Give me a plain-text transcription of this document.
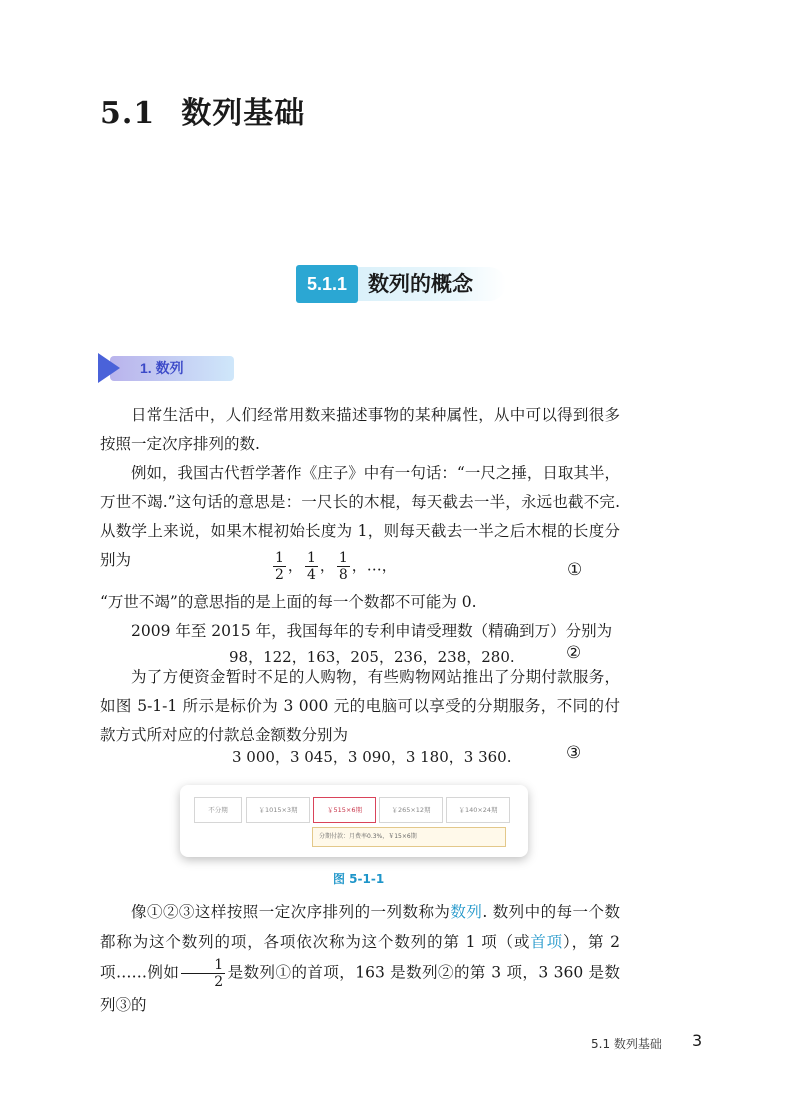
5.1 数列基础
5.1.1 数列的概念
1. 数列
日常生活中，人们经常用数来描述事物的某种属性，从中可以得到很多按照一定次序排列的数.
例如，我国古代哲学著作《庄子》中有一句话：“一尺之捶，日取其半，万世不竭.”这句话的意思是：一尺长的木棍，每天截去一半，永远也截不完. 从数学上来说，如果木棍初始长度为 1，则每天截去一半之后木棍的长度分别为	$\frac{1}{2}$ ， $\frac{1}{4}$ ， $\frac{1}{8}$ ，…，	①
“万世不竭”的意思指的是上面的每一个数都不可能为 0.
2009 年至 2015 年，我国每年的专利申请受理数（精确到万）分别为
98，122，163，205，236，238，280.	②
为了方便资金暂时不足的人购物，有些购物网站推出了分期付款服务，如图 5-1-1 所示是标价为 3 000 元的电脑可以享受的分期服务，不同的付款方式所对应的付款总金额数分别为
3 000，3 045，3 090，3 180，3 360.	③
不分期	￥1015×3期	￥515×6期	￥265×12期	￥140×24期
分期付款：月费率0.3%，￥15×6期
图 5-1-1
像①②③这样按照一定次序排列的一列数称为数列. 数列中的每一个数都称为这个数列的项，各项依次称为这个数列的第 1 项（或首项），第 2 项……例如 $\frac{1}{2}$ 是数列①的首项，163 是数列②的第 3 项，3 360 是数列③的
5.1 数列基础 3
